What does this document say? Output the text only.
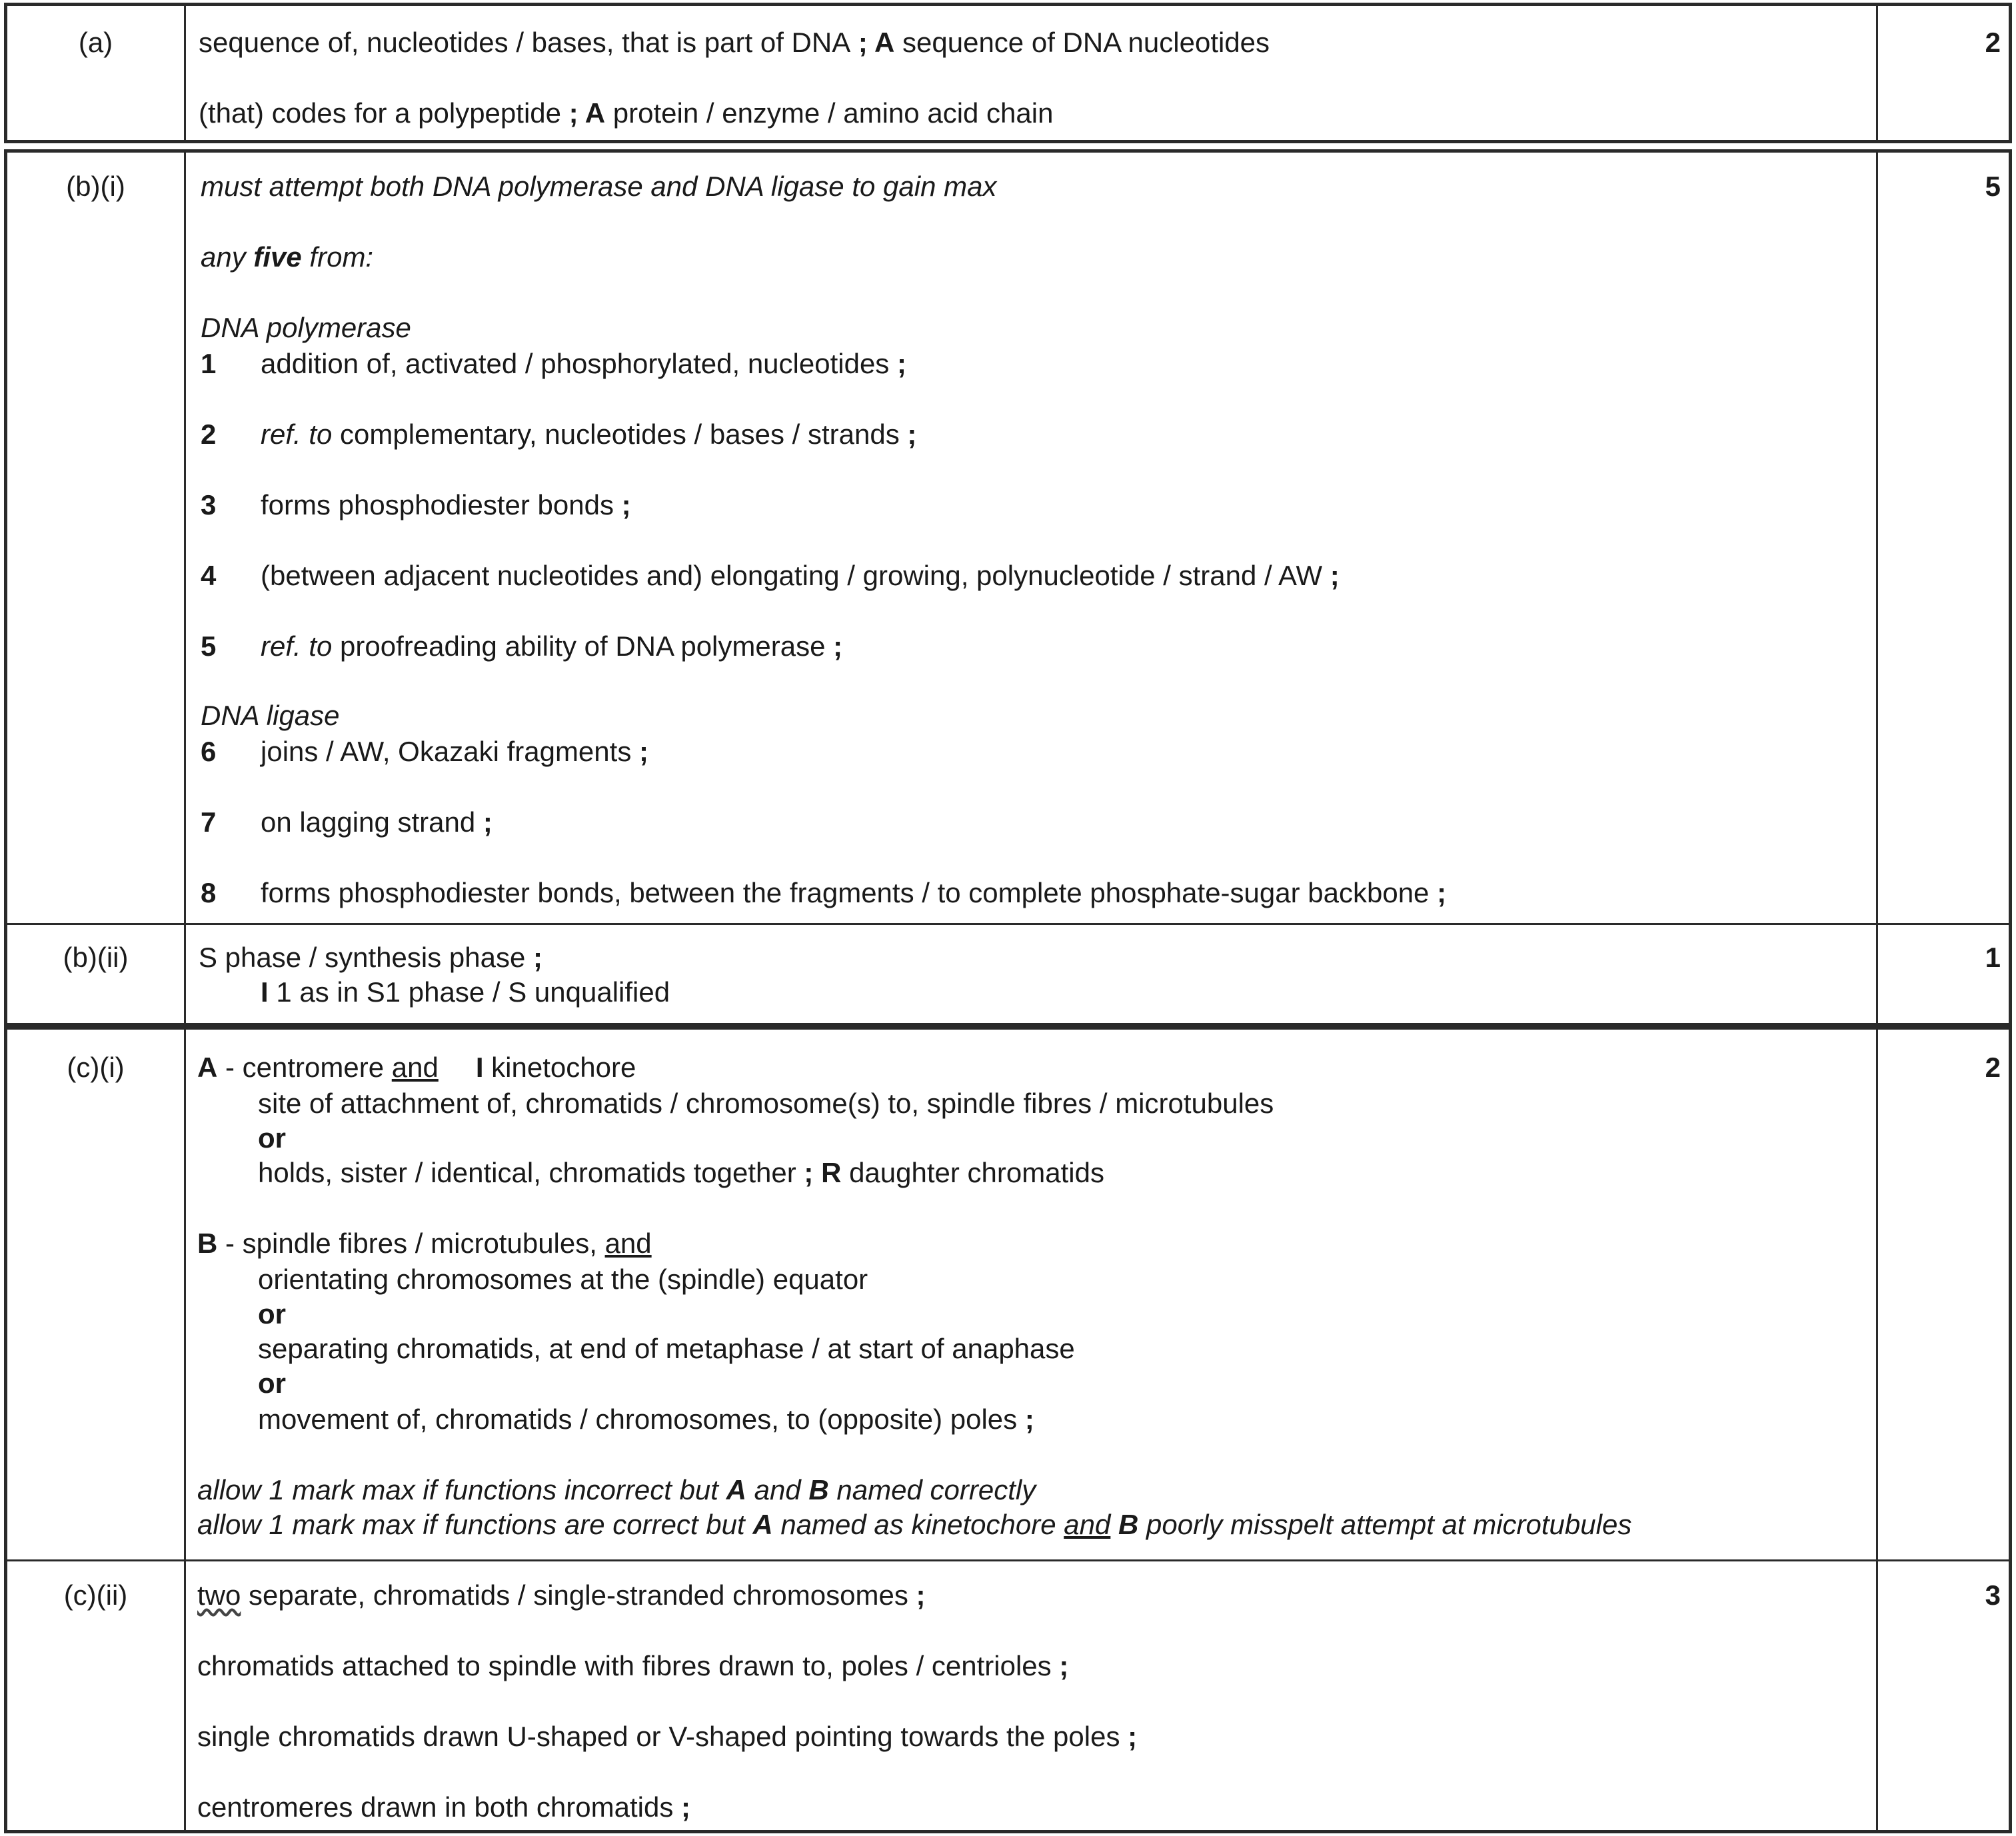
(a)	2
sequence of, nucleotides / bases, that is part of DNA ; A sequence of DNA nucleotides
(that) codes for a polypeptide ; A protein / enzyme / amino acid chain
(b)(i)	5
must attempt both DNA polymerase and DNA ligase to gain max
any five from:
DNA polymerase
1 addition of, activated / phosphorylated, nucleotides ;
2 ref. to complementary, nucleotides / bases / strands ;
3 forms phosphodiester bonds ;
4 (between adjacent nucleotides and) elongating / growing, polynucleotide / strand / AW ;
5 ref. to proofreading ability of DNA polymerase ;
DNA ligase
6 joins / AW, Okazaki fragments ;
7 on lagging strand ;
8 forms phosphodiester bonds, between the fragments / to complete phosphate-sugar backbone ;
(b)(ii)	1
S phase / synthesis phase ;
I 1 as in S1 phase / S unqualified
(c)(i)	2
A - centromere and I kinetochore
site of attachment of, chromatids / chromosome(s) to, spindle fibres / microtubules
or
holds, sister / identical, chromatids together ; R daughter chromatids
B - spindle fibres / microtubules, and
orientating chromosomes at the (spindle) equator
or
separating chromatids, at end of metaphase / at start of anaphase
or
movement of, chromatids / chromosomes, to (opposite) poles ;
allow 1 mark max if functions incorrect but A and B named correctly
allow 1 mark max if functions are correct but A named as kinetochore and B poorly misspelt attempt at microtubules
(c)(ii)	3
two separate, chromatids / single-stranded chromosomes ;
chromatids attached to spindle with fibres drawn to, poles / centrioles ;
single chromatids drawn U-shaped or V-shaped pointing towards the poles ;
centromeres drawn in both chromatids ;
